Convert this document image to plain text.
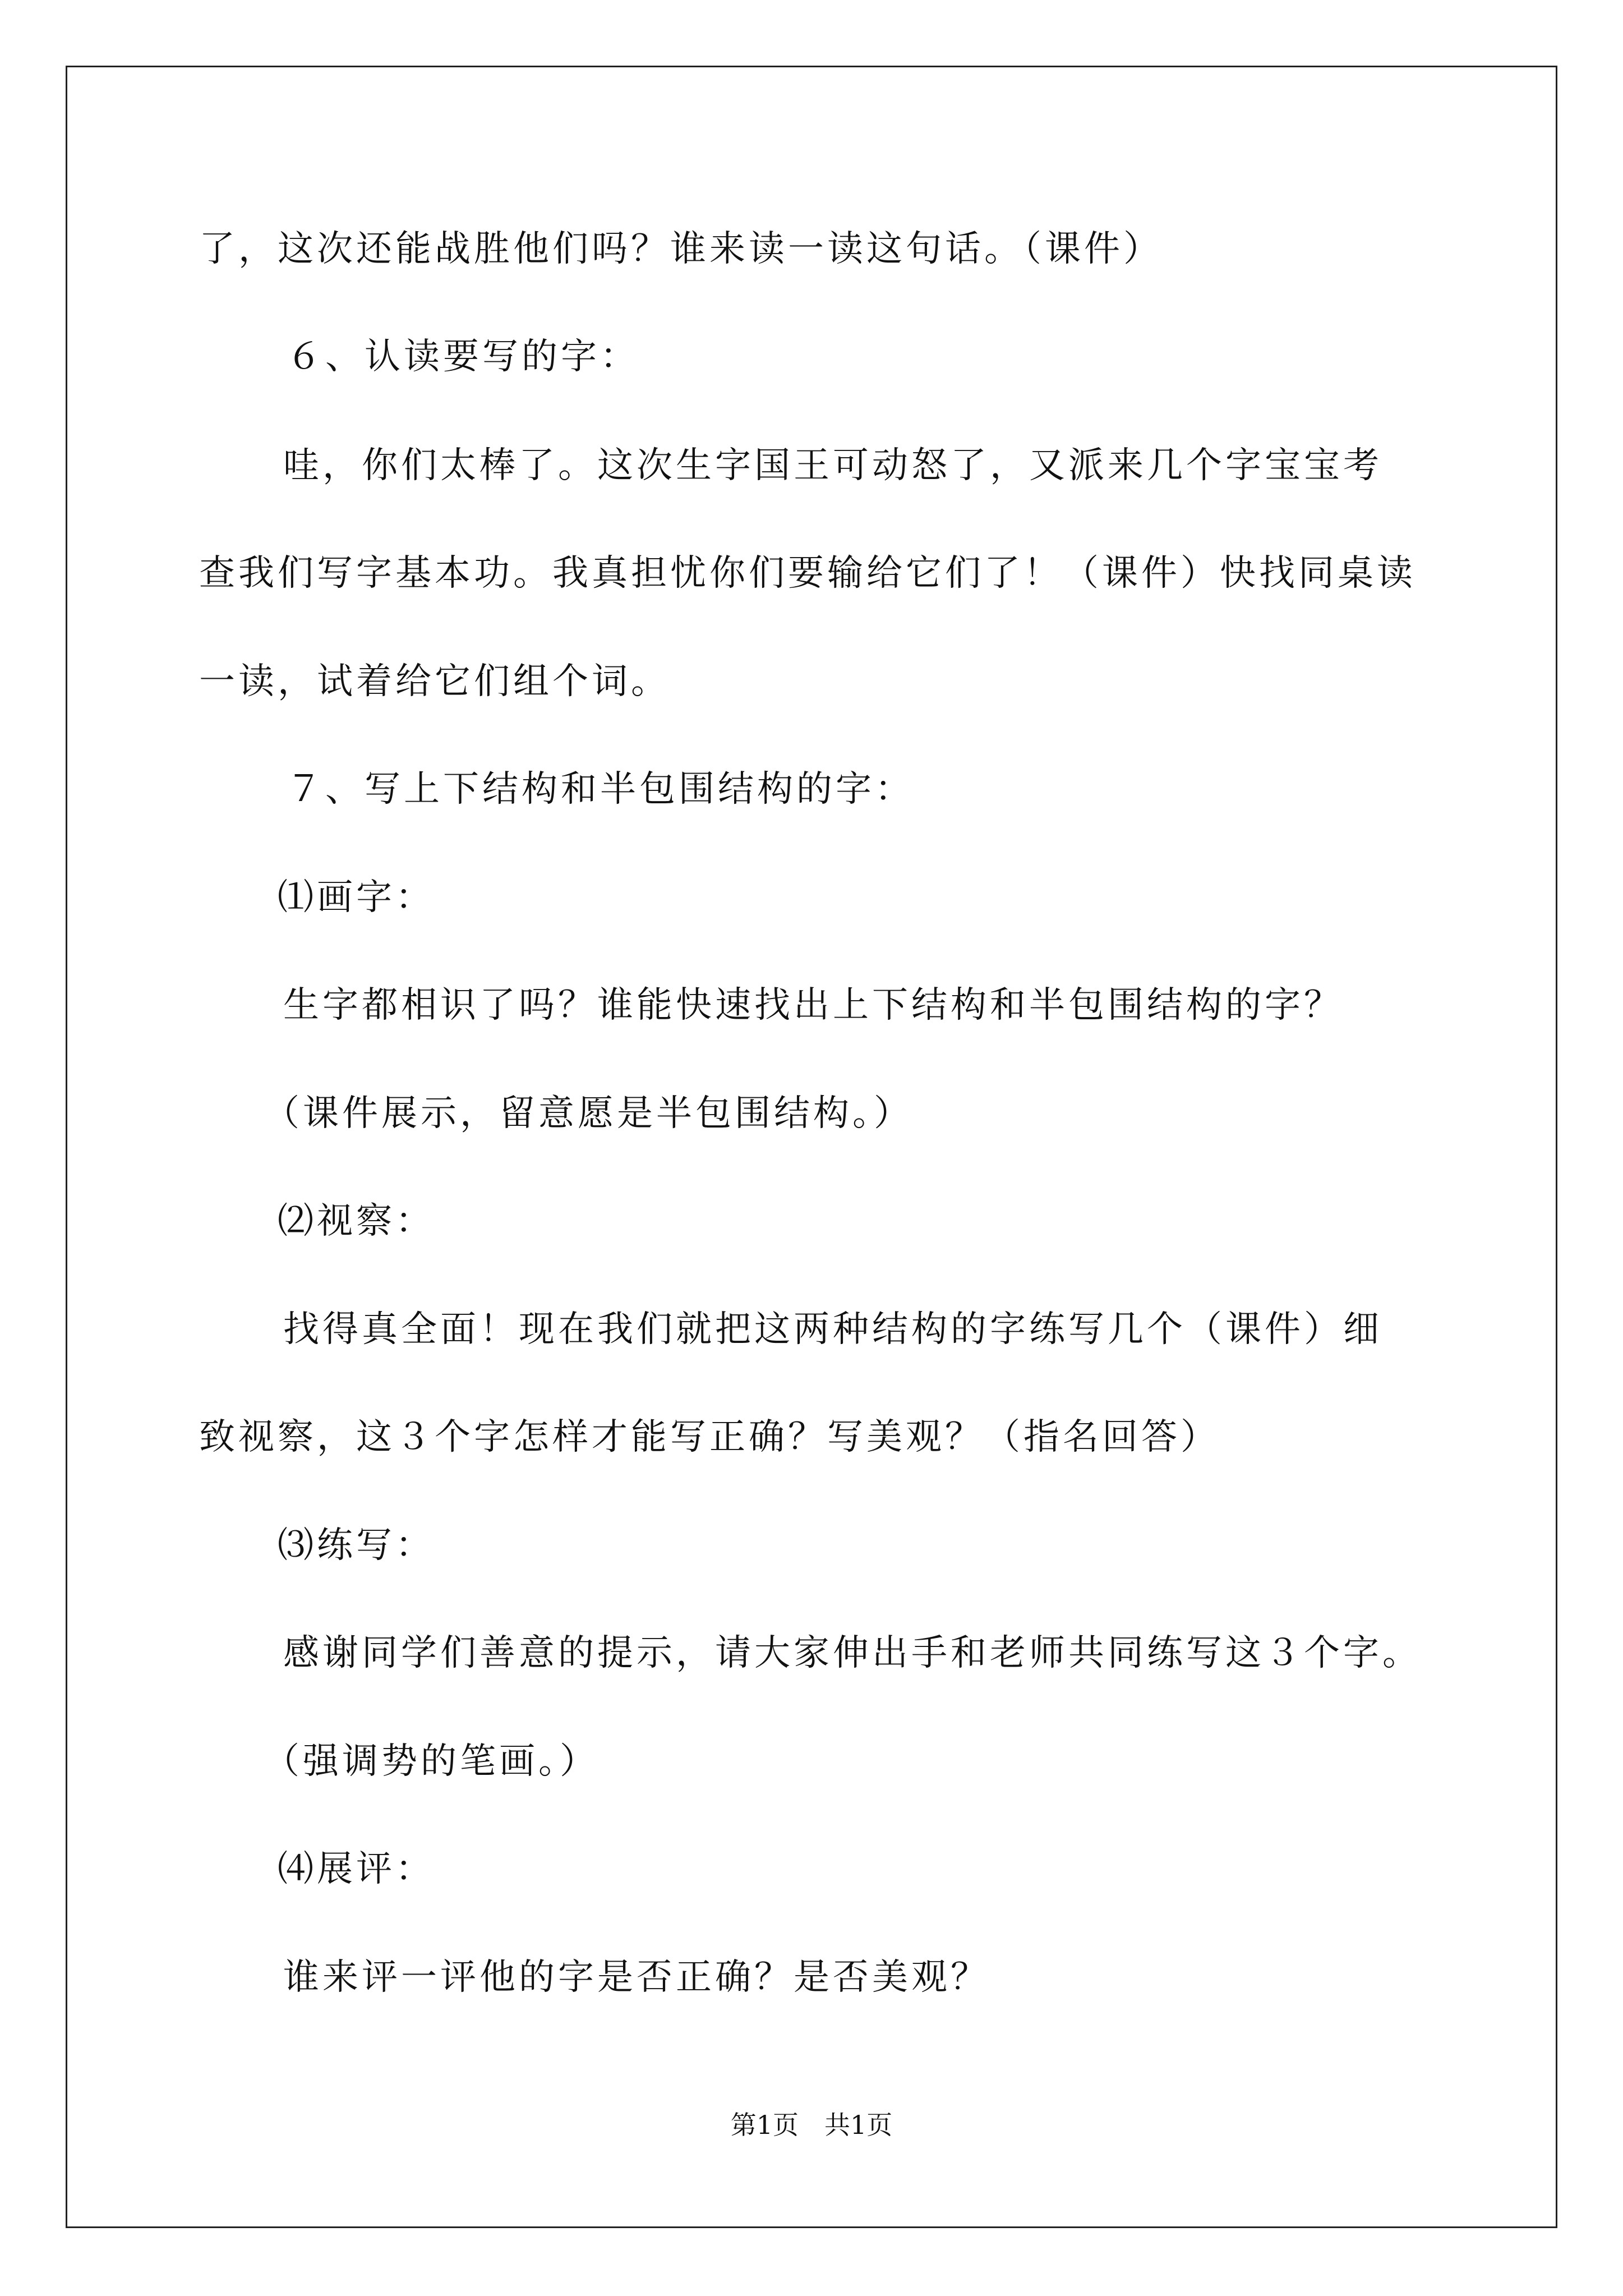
了，这次还能战胜他们吗？谁来读一读这句话。（课件）
６、认读要写的字：
哇，你们太棒了。这次生字国王可动怒了，又派来几个字宝宝考
查我们写字基本功。我真担忧你们要输给它们了！（课件）快找同桌读
一读，试着给它们组个词。
７、写上下结构和半包围结构的字：
⑴画字：
生字都相识了吗？谁能快速找出上下结构和半包围结构的字？
（课件展示，留意愿是半包围结构。）
⑵视察：
找得真全面！现在我们就把这两种结构的字练写几个（课件）细
致视察，这３个字怎样才能写正确？写美观？（指名回答）
⑶练写：
感谢同学们善意的提示，请大家伸出手和老师共同练写这３个字。
（强调势的笔画。）
⑷展评：
谁来评一评他的字是否正确？是否美观？
第1页　共1页
